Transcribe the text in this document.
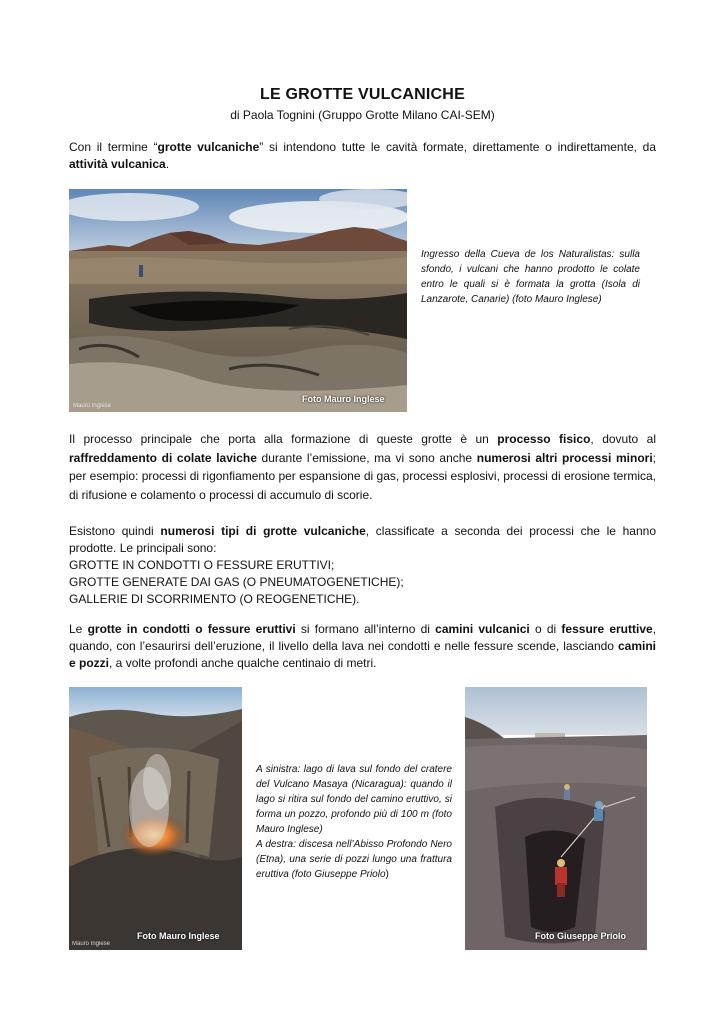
LE GROTTE VULCANICHE
di Paola Tognini (Gruppo Grotte Milano CAI-SEM)
Con il termine “grotte vulcaniche” si intendono tutte le cavità formate, direttamente o indirettamente, da attività vulcanica.
Foto Mauro Inglese
Mauro Inglese
Ingresso della Cueva de los Naturalistas: sulla sfondo, i vulcani che hanno prodotto le colate entro le quali si è formata la grotta (Isola di Lanzarote, Canarie) (foto Mauro Inglese)
Il processo principale che porta alla formazione di queste grotte è un processo fisico, dovuto al raffreddamento di colate laviche durante l’emissione, ma vi sono anche numerosi altri processi minori; per esempio: processi di rigonfiamento per espansione di gas, processi esplosivi, processi di erosione termica, di rifusione e colamento o processi di accumulo di scorie.
Esistono quindi numerosi tipi di grotte vulcaniche, classificate a seconda dei processi che le hanno prodotte. Le principali sono:
GROTTE IN CONDOTTI O FESSURE ERUTTIVI;
GROTTE GENERATE DAI GAS (O PNEUMATOGENETICHE);
GALLERIE DI SCORRIMENTO (O REOGENETICHE).
Le grotte in condotti o fessure eruttivi si formano all’interno di camini vulcanici o di fessure eruttive, quando, con l’esaurirsi dell’eruzione, il livello della lava nei condotti e nelle fessure scende, lasciando camini e pozzi, a volte profondi anche qualche centinaio di metri.
Foto Mauro Inglese
Mauro Inglese
A sinistra: lago di lava sul fondo del cratere del Vulcano Masaya (Nicaragua): quando il lago si ritira sul fondo del camino eruttivo, si forma un pozzo, profondo più di 100 m (foto Mauro Inglese)
A destra: discesa nell’Abisso Profondo Nero (Etna), una serie di pozzi lungo una frattura eruttiva (foto Giuseppe Priolo)
Foto Giuseppe Priolo
